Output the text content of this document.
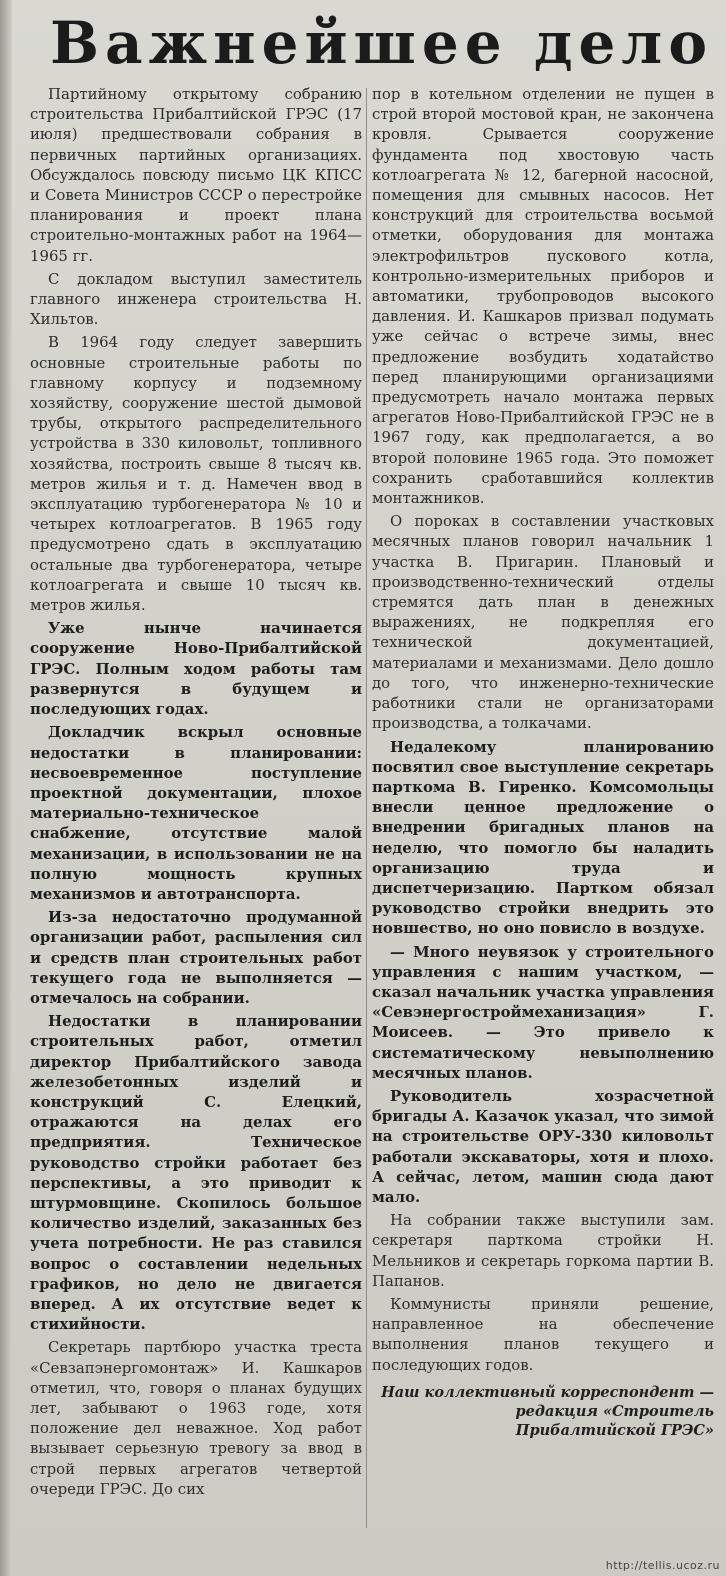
Важнейшее дело

Партийному открытому собранию строительства Прибалтийской ГРЭС (17 июля) предшествовали собрания в первичных партийных организациях. Обсуждалось повсюду письмо ЦК КПСС и Совета Министров СССР о перестройке планирования и проект плана строительно-монтажных работ на 1964—1965 гг.

С докладом выступил заместитель главного инженера строительства Н. Хильтов.

В 1964 году следует завершить основные строительные работы по главному корпусу и подземному хозяйству, сооружение шестой дымовой трубы, открытого распределительного устройства в 330 киловольт, топливного хозяйства, построить свыше 8 тысяч кв. метров жилья и т. д. Намечен ввод в эксплуатацию турбогенератора № 10 и четырех котлоагрегатов. В 1965 году предусмотрено сдать в эксплуатацию остальные два турбогенератора, четыре котлоагрегата и свыше 10 тысяч кв. метров жилья.

Уже нынче начинается сооружение Ново-Прибалтийской ГРЭС. Полным ходом работы там развернутся в будущем и последующих годах.

Докладчик вскрыл основные недостатки в планировании: несвоевременное поступление проектной документации, плохое материально-техническое снабжение, отсутствие малой механизации, в использовании не на полную мощность крупных механизмов и автотранспорта.

Из-за недостаточно продуманной организации работ, распыления сил и средств план строительных работ текущего года не выполняется — отмечалось на собрании.

Недостатки в планировании строительных работ, отметил директор Прибалтийского завода железобетонных изделий и конструкций С. Елецкий, отражаются на делах его предприятия. Техническое руководство стройки работает без перспективы, а это приводит к штурмовщине. Скопилось большое количество изделий, заказанных без учета потребности. Не раз ставился вопрос о составлении недельных графиков, но дело не двигается вперед. А их отсутствие ведет к стихийности.

Секретарь партбюро участка треста «Севзапэнергомонтаж» И. Кашкаров отметил, что, говоря о планах будущих лет, забывают о 1963 годе, хотя положение дел неважное. Ход работ вызывает серьезную тревогу за ввод в строй первых агрегатов четвертой очереди ГРЭС. До сих

пор в котельном отделении не пущен в строй второй мостовой кран, не закончена кровля. Срывается сооружение фундамента под хвостовую часть котлоагрегата № 12, багерной насосной, помещения для смывных насосов. Нет конструкций для строительства восьмой отметки, оборудования для монтажа электрофильтров пускового котла, контрольно-измерительных приборов и автоматики, трубопроводов высокого давления. И. Кашкаров призвал подумать уже сейчас о встрече зимы, внес предложение возбудить ходатайство перед планирующими организациями предусмотреть начало монтажа первых агрегатов Ново-Прибалтийской ГРЭС не в 1967 году, как предполагается, а во второй половине 1965 года. Это поможет сохранить сработавшийся коллектив монтажников.

О пороках в составлении участковых месячных планов говорил начальник 1 участка В. Пригарин. Плановый и производственно-технический отделы стремятся дать план в денежных выражениях, не подкрепляя его технической документацией, материалами и механизмами. Дело дошло до того, что инженерно-технические работники стали не организаторами производства, а толкачами.

Недалекому планированию посвятил свое выступление секретарь парткома В. Гиренко. Комсомольцы внесли ценное предложение о внедрении бригадных планов на неделю, что помогло бы наладить организацию труда и диспетчеризацию. Партком обязал руководство стройки внедрить это новшество, но оно повисло в воздухе.

— Много неувязок у строительного управления с нашим участком, — сказал начальник участка управления «Севэнергостроймеханизация» Г. Моисеев. — Это привело к систематическому невыполнению месячных планов.

Руководитель хозрасчетной бригады А. Казачок указал, что зимой на строительстве ОРУ-330 киловольт работали экскаваторы, хотя и плохо. А сейчас, летом, машин сюда дают мало.

На собрании также выступили зам. секретаря парткома стройки Н. Мельников и секретарь горкома партии В. Папанов.

Коммунисты приняли решение, направленное на обеспечение выполнения планов текущего и последующих годов.

Наш коллективный корреспондент — редакция «Строитель Прибалтийской ГРЭС»
http://tellis.ucoz.ru
